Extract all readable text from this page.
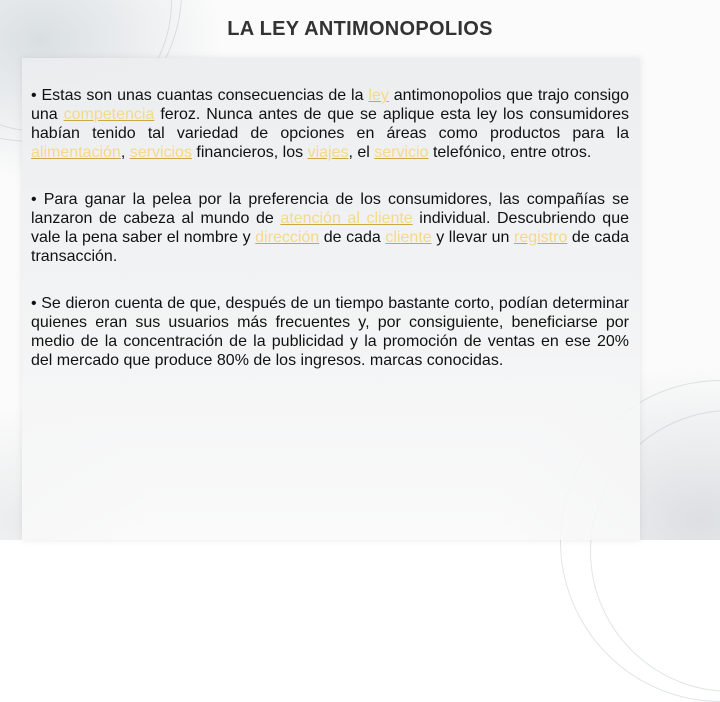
LA LEY ANTIMONOPOLIOS

• Estas son unas cuantas consecuencias de la ley antimonopolios que trajo consigo una competencia feroz. Nunca antes de que se aplique esta ley los consumidores habían tenido tal variedad de opciones en áreas como productos para la alimentación, servicios financieros, los viajes, el servicio telefónico, entre otros.

• Para ganar la pelea por la preferencia de los consumidores, las compañías se lanzaron de cabeza al mundo de atención al cliente individual. Descubriendo que vale la pena saber el nombre y dirección de cada cliente y llevar un registro de cada transacción.

• Se dieron cuenta de que, después de un tiempo bastante corto, podían determinar quienes eran sus usuarios más frecuentes y, por consiguiente, beneficiarse por medio de la concentración de la publicidad y la promoción de ventas en ese 20% del mercado que produce 80% de los ingresos. marcas conocidas.
